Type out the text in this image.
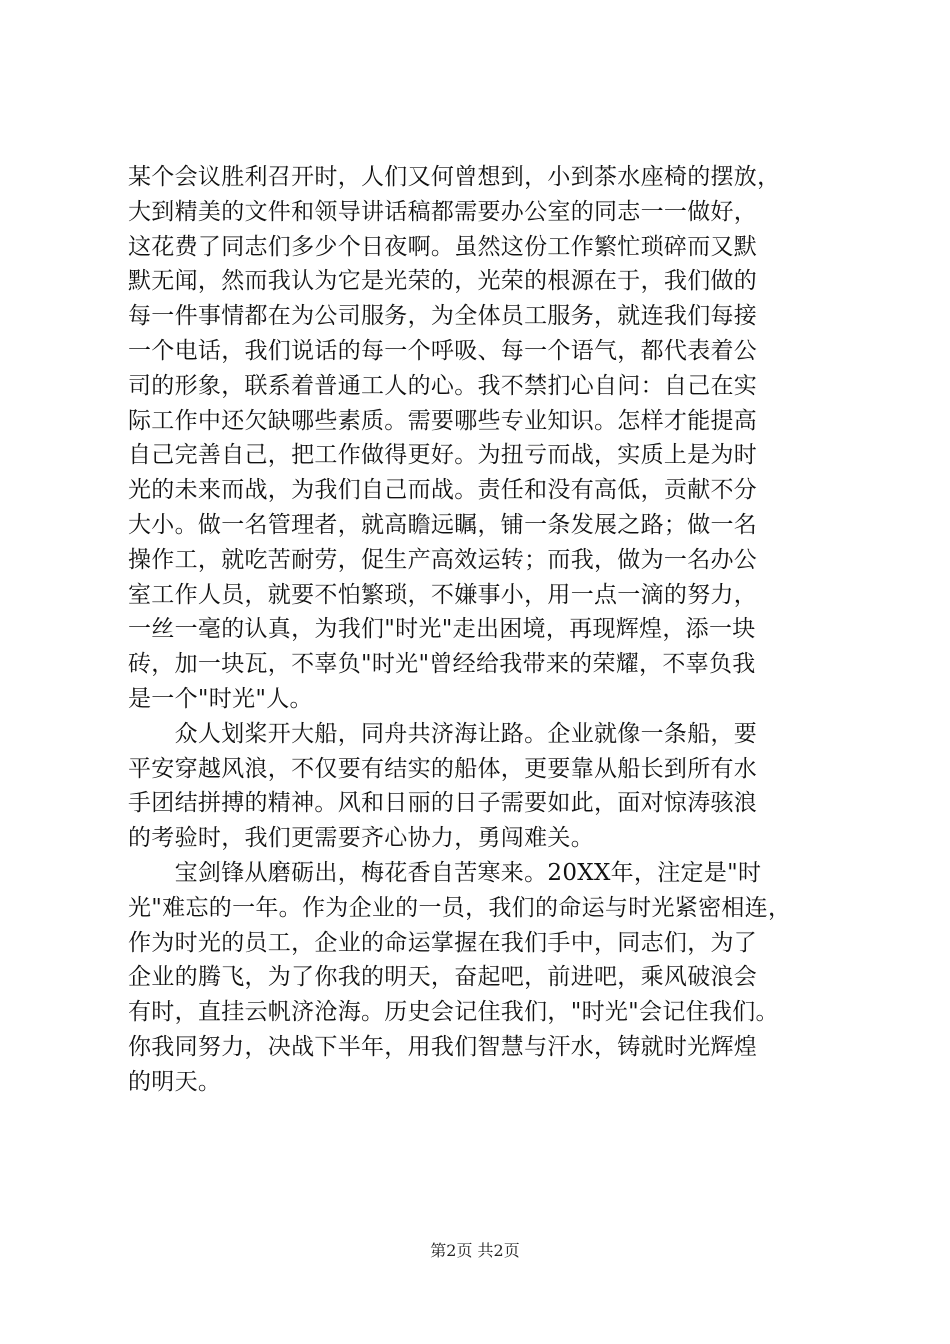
某个会议胜利召开时，人们又何曾想到，小到茶水座椅的摆放，
大到精美的文件和领导讲话稿都需要办公室的同志一一做好，
这花费了同志们多少个日夜啊。虽然这份工作繁忙琐碎而又默
默无闻，然而我认为它是光荣的，光荣的根源在于，我们做的
每一件事情都在为公司服务，为全体员工服务，就连我们每接
一个电话，我们说话的每一个呼吸、每一个语气，都代表着公
司的形象，联系着普通工人的心。我不禁扪心自问：自己在实
际工作中还欠缺哪些素质。需要哪些专业知识。怎样才能提高
自己完善自己，把工作做得更好。为扭亏而战，实质上是为时
光的未来而战，为我们自己而战。责任和没有高低，贡献不分
大小。做一名管理者，就高瞻远瞩，铺一条发展之路；做一名
操作工，就吃苦耐劳，促生产高效运转；而我，做为一名办公
室工作人员，就要不怕繁琐，不嫌事小，用一点一滴的努力，
一丝一毫的认真，为我们"时光"走出困境，再现辉煌，添一块
砖，加一块瓦，不辜负"时光"曾经给我带来的荣耀，不辜负我
是一个"时光"人。
　　众人划桨开大船，同舟共济海让路。企业就像一条船，要
平安穿越风浪，不仅要有结实的船体，更要靠从船长到所有水
手团结拼搏的精神。风和日丽的日子需要如此，面对惊涛骇浪
的考验时，我们更需要齐心协力，勇闯难关。
　　宝剑锋从磨砺出，梅花香自苦寒来。20XX年，注定是"时
光"难忘的一年。作为企业的一员，我们的命运与时光紧密相连，
作为时光的员工，企业的命运掌握在我们手中，同志们，为了
企业的腾飞，为了你我的明天，奋起吧，前进吧，乘风破浪会
有时，直挂云帆济沧海。历史会记住我们，"时光"会记住我们。
你我同努力，决战下半年，用我们智慧与汗水，铸就时光辉煌
的明天。
第2页 共2页
